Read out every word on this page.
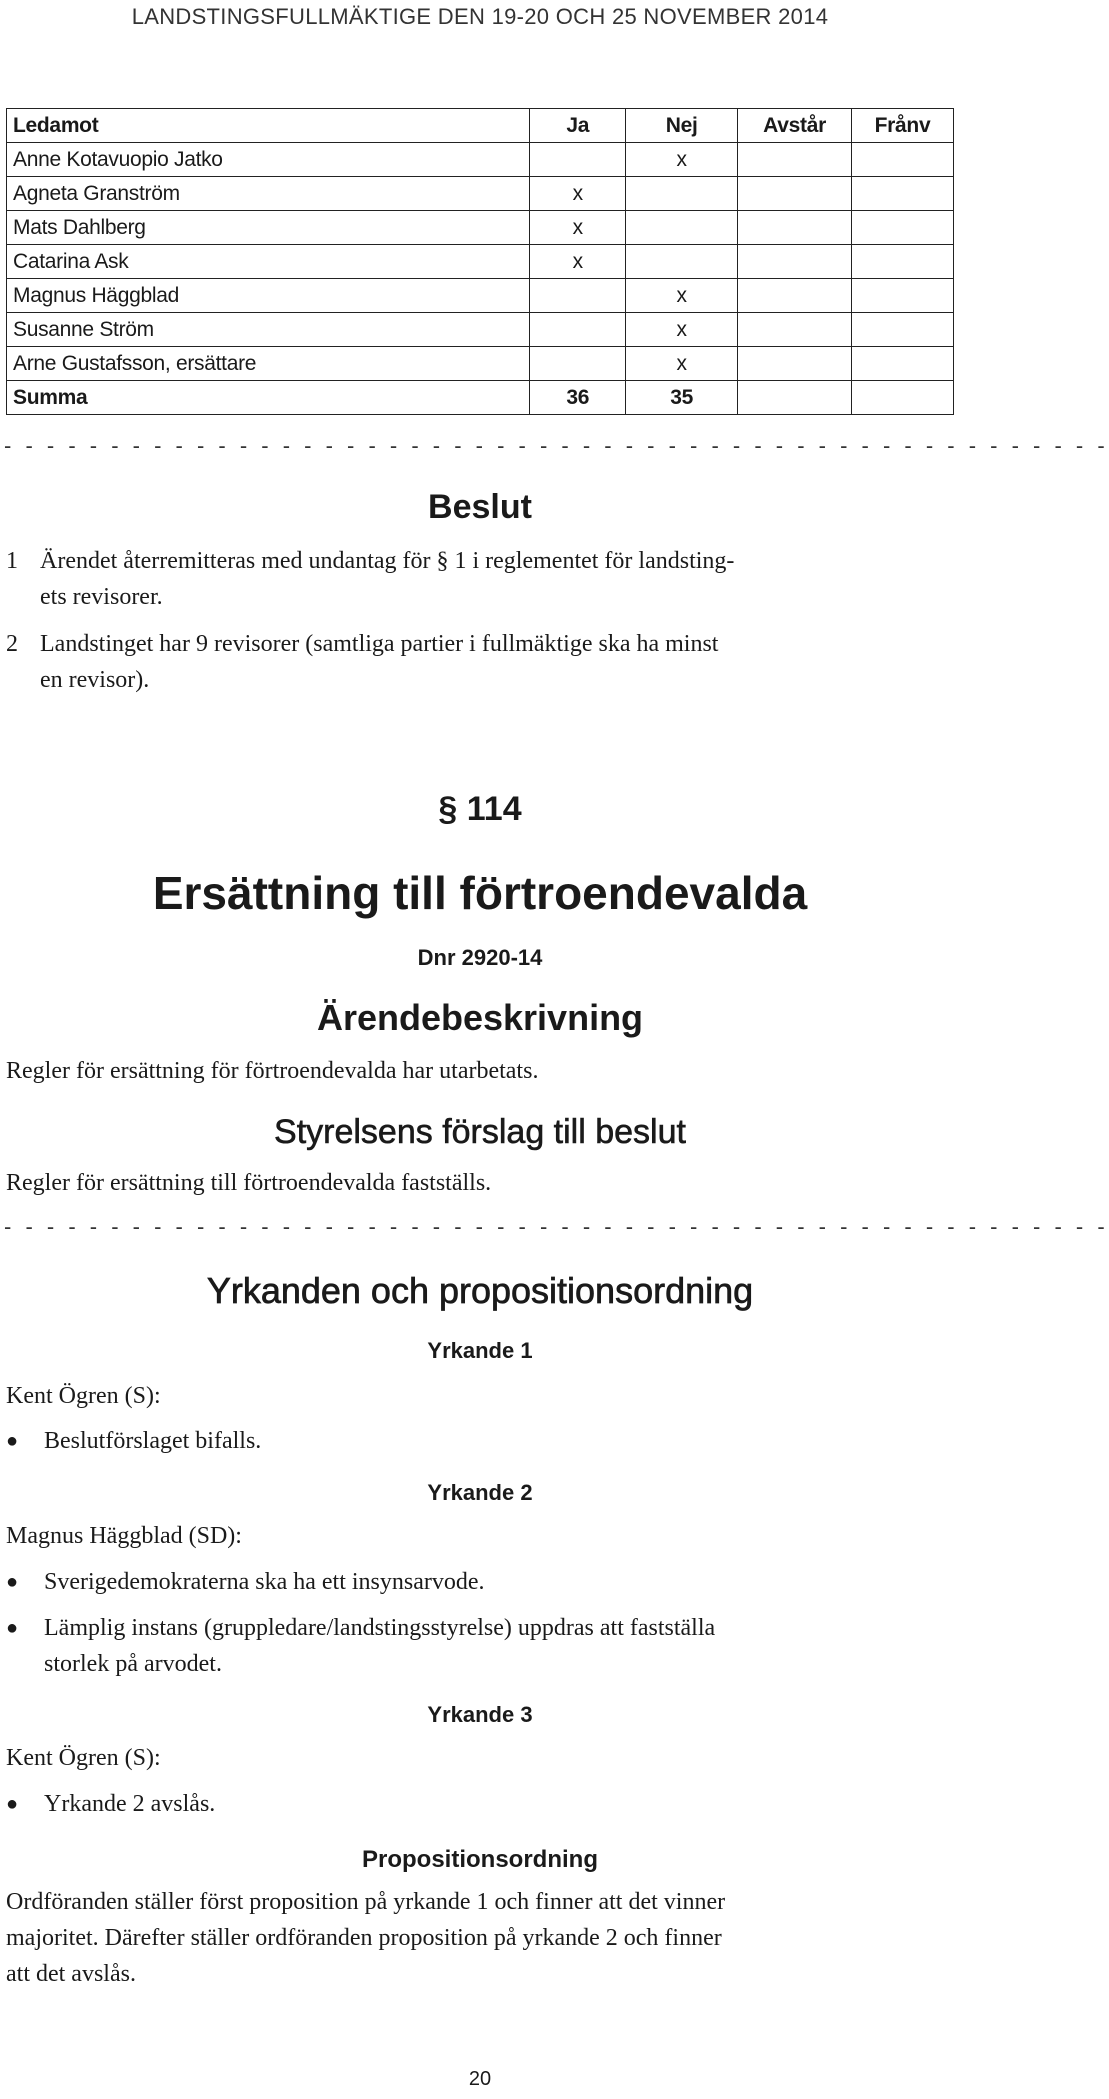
LANDSTINGSFULLMÄKTIGE DEN 19-20 OCH 25 NOVEMBER 2014
Ledamot	Ja	Nej	Avstår	Frånv
Anne Kotavuopio Jatko		x		
Agneta Granström	x			
Mats Dahlberg	x			
Catarina Ask	x			
Magnus Häggblad		x		
Susanne Ström		x		
Arne Gustafsson, ersättare		x		
Summa	36	35		
- - - - - - - - - - - - - - - - - - - - - - - - - - - - - - - - - - - - - - - - - - - - - - - - - - - -
Beslut
1 Ärendet återremitteras med undantag för § 1 i reglementet för landsting-
ets revisorer.
2 Landstinget har 9 revisorer (samtliga partier i fullmäktige ska ha minst
en revisor).
§ 114
Ersättning till förtroendevalda
Dnr 2920-14
Ärendebeskrivning
Regler för ersättning för förtroendevalda har utarbetats.
Styrelsens förslag till beslut
Regler för ersättning till förtroendevalda fastställs.
- - - - - - - - - - - - - - - - - - - - - - - - - - - - - - - - - - - - - - - - - - - - - - - - - - - -
Yrkanden och propositionsordning
Yrkande 1
Kent Ögren (S):
● Beslutförslaget bifalls.
Yrkande 2
Magnus Häggblad (SD):
● Sverigedemokraterna ska ha ett insynsarvode.
● Lämplig instans (gruppledare/landstingsstyrelse) uppdras att fastställa
storlek på arvodet.
Yrkande 3
Kent Ögren (S):
● Yrkande 2 avslås.
Propositionsordning
Ordföranden ställer först proposition på yrkande 1 och finner att det vinner
majoritet. Därefter ställer ordföranden proposition på yrkande 2 och finner
att det avslås.
20
